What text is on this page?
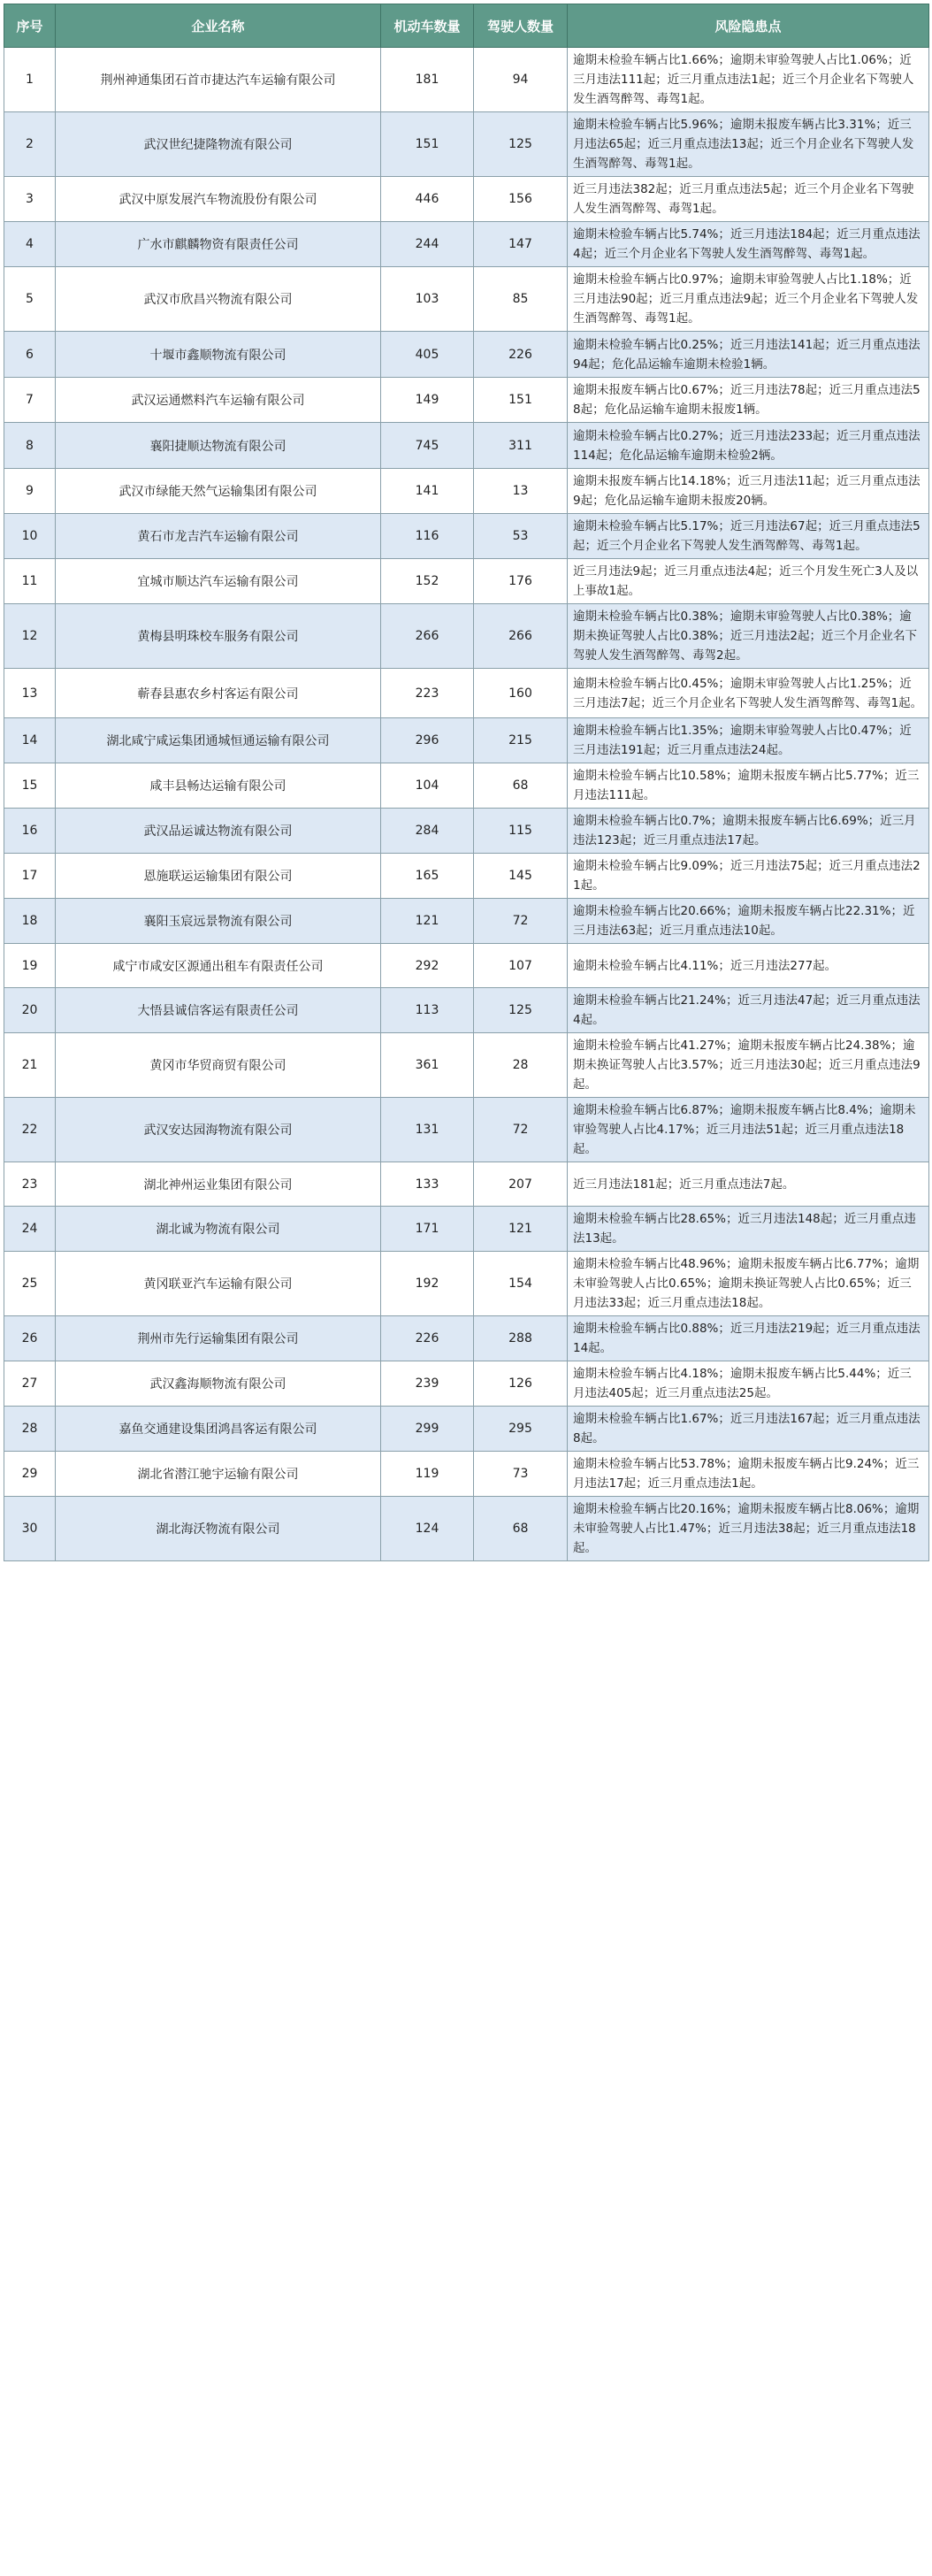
序号	企业名称	机动车数量	驾驶人数量	风险隐患点
1	荆州神通集团石首市捷达汽车运输有限公司	181	94	逾期未检验车辆占比1.66%；逾期未审验驾驶人占比1.06%；近三月违法111起；近三月重点违法1起；近三个月企业名下驾驶人发生酒驾醉驾、毒驾1起。
2	武汉世纪捷隆物流有限公司	151	125	逾期未检验车辆占比5.96%；逾期未报废车辆占比3.31%；近三月违法65起；近三月重点违法13起；近三个月企业名下驾驶人发生酒驾醉驾、毒驾1起。
3	武汉中原发展汽车物流股份有限公司	446	156	近三月违法382起；近三月重点违法5起；近三个月企业名下驾驶人发生酒驾醉驾、毒驾1起。
4	广水市麒麟物资有限责任公司	244	147	逾期未检验车辆占比5.74%；近三月违法184起；近三月重点违法4起；近三个月企业名下驾驶人发生酒驾醉驾、毒驾1起。
5	武汉市欣昌兴物流有限公司	103	85	逾期未检验车辆占比0.97%；逾期未审验驾驶人占比1.18%；近三月违法90起；近三月重点违法9起；近三个月企业名下驾驶人发生酒驾醉驾、毒驾1起。
6	十堰市鑫顺物流有限公司	405	226	逾期未检验车辆占比0.25%；近三月违法141起；近三月重点违法94起；危化品运输车逾期未检验1辆。
7	武汉运通燃料汽车运输有限公司	149	151	逾期未报废车辆占比0.67%；近三月违法78起；近三月重点违法58起；危化品运输车逾期未报废1辆。
8	襄阳捷顺达物流有限公司	745	311	逾期未检验车辆占比0.27%；近三月违法233起；近三月重点违法114起；危化品运输车逾期未检验2辆。
9	武汉市绿能天然气运输集团有限公司	141	13	逾期未报废车辆占比14.18%；近三月违法11起；近三月重点违法9起；危化品运输车逾期未报废20辆。
10	黄石市龙吉汽车运输有限公司	116	53	逾期未检验车辆占比5.17%；近三月违法67起；近三月重点违法5起；近三个月企业名下驾驶人发生酒驾醉驾、毒驾1起。
11	宜城市顺达汽车运输有限公司	152	176	近三月违法9起；近三月重点违法4起；近三个月发生死亡3人及以上事故1起。
12	黄梅县明珠校车服务有限公司	266	266	逾期未检验车辆占比0.38%；逾期未审验驾驶人占比0.38%；逾期未换证驾驶人占比0.38%；近三月违法2起；近三个月企业名下驾驶人发生酒驾醉驾、毒驾2起。
13	蕲春县惠农乡村客运有限公司	223	160	逾期未检验车辆占比0.45%；逾期未审验驾驶人占比1.25%；近三月违法7起；近三个月企业名下驾驶人发生酒驾醉驾、毒驾1起。
14	湖北咸宁咸运集团通城恒通运输有限公司	296	215	逾期未检验车辆占比1.35%；逾期未审验驾驶人占比0.47%；近三月违法191起；近三月重点违法24起。
15	咸丰县畅达运输有限公司	104	68	逾期未检验车辆占比10.58%；逾期未报废车辆占比5.77%；近三月违法111起。
16	武汉品运诚达物流有限公司	284	115	逾期未检验车辆占比0.7%；逾期未报废车辆占比6.69%；近三月违法123起；近三月重点违法17起。
17	恩施联运运输集团有限公司	165	145	逾期未检验车辆占比9.09%；近三月违法75起；近三月重点违法21起。
18	襄阳玉宸远景物流有限公司	121	72	逾期未检验车辆占比20.66%；逾期未报废车辆占比22.31%；近三月违法63起；近三月重点违法10起。
19	咸宁市咸安区源通出租车有限责任公司	292	107	逾期未检验车辆占比4.11%；近三月违法277起。
20	大悟县诚信客运有限责任公司	113	125	逾期未检验车辆占比21.24%；近三月违法47起；近三月重点违法4起。
21	黄冈市华贸商贸有限公司	361	28	逾期未检验车辆占比41.27%；逾期未报废车辆占比24.38%；逾期未换证驾驶人占比3.57%；近三月违法30起；近三月重点违法9起。
22	武汉安达园海物流有限公司	131	72	逾期未检验车辆占比6.87%；逾期未报废车辆占比8.4%；逾期未审验驾驶人占比4.17%；近三月违法51起；近三月重点违法18起。
23	湖北神州运业集团有限公司	133	207	近三月违法181起；近三月重点违法7起。
24	湖北诚为物流有限公司	171	121	逾期未检验车辆占比28.65%；近三月违法148起；近三月重点违法13起。
25	黄冈联亚汽车运输有限公司	192	154	逾期未检验车辆占比48.96%；逾期未报废车辆占比6.77%；逾期未审验驾驶人占比0.65%；逾期未换证驾驶人占比0.65%；近三月违法33起；近三月重点违法18起。
26	荆州市先行运输集团有限公司	226	288	逾期未检验车辆占比0.88%；近三月违法219起；近三月重点违法14起。
27	武汉鑫海顺物流有限公司	239	126	逾期未检验车辆占比4.18%；逾期未报废车辆占比5.44%；近三月违法405起；近三月重点违法25起。
28	嘉鱼交通建设集团鸿昌客运有限公司	299	295	逾期未检验车辆占比1.67%；近三月违法167起；近三月重点违法8起。
29	湖北省潜江驰宇运输有限公司	119	73	逾期未检验车辆占比53.78%；逾期未报废车辆占比9.24%；近三月违法17起；近三月重点违法1起。
30	湖北海沃物流有限公司	124	68	逾期未检验车辆占比20.16%；逾期未报废车辆占比8.06%；逾期未审验驾驶人占比1.47%；近三月违法38起；近三月重点违法18起。
